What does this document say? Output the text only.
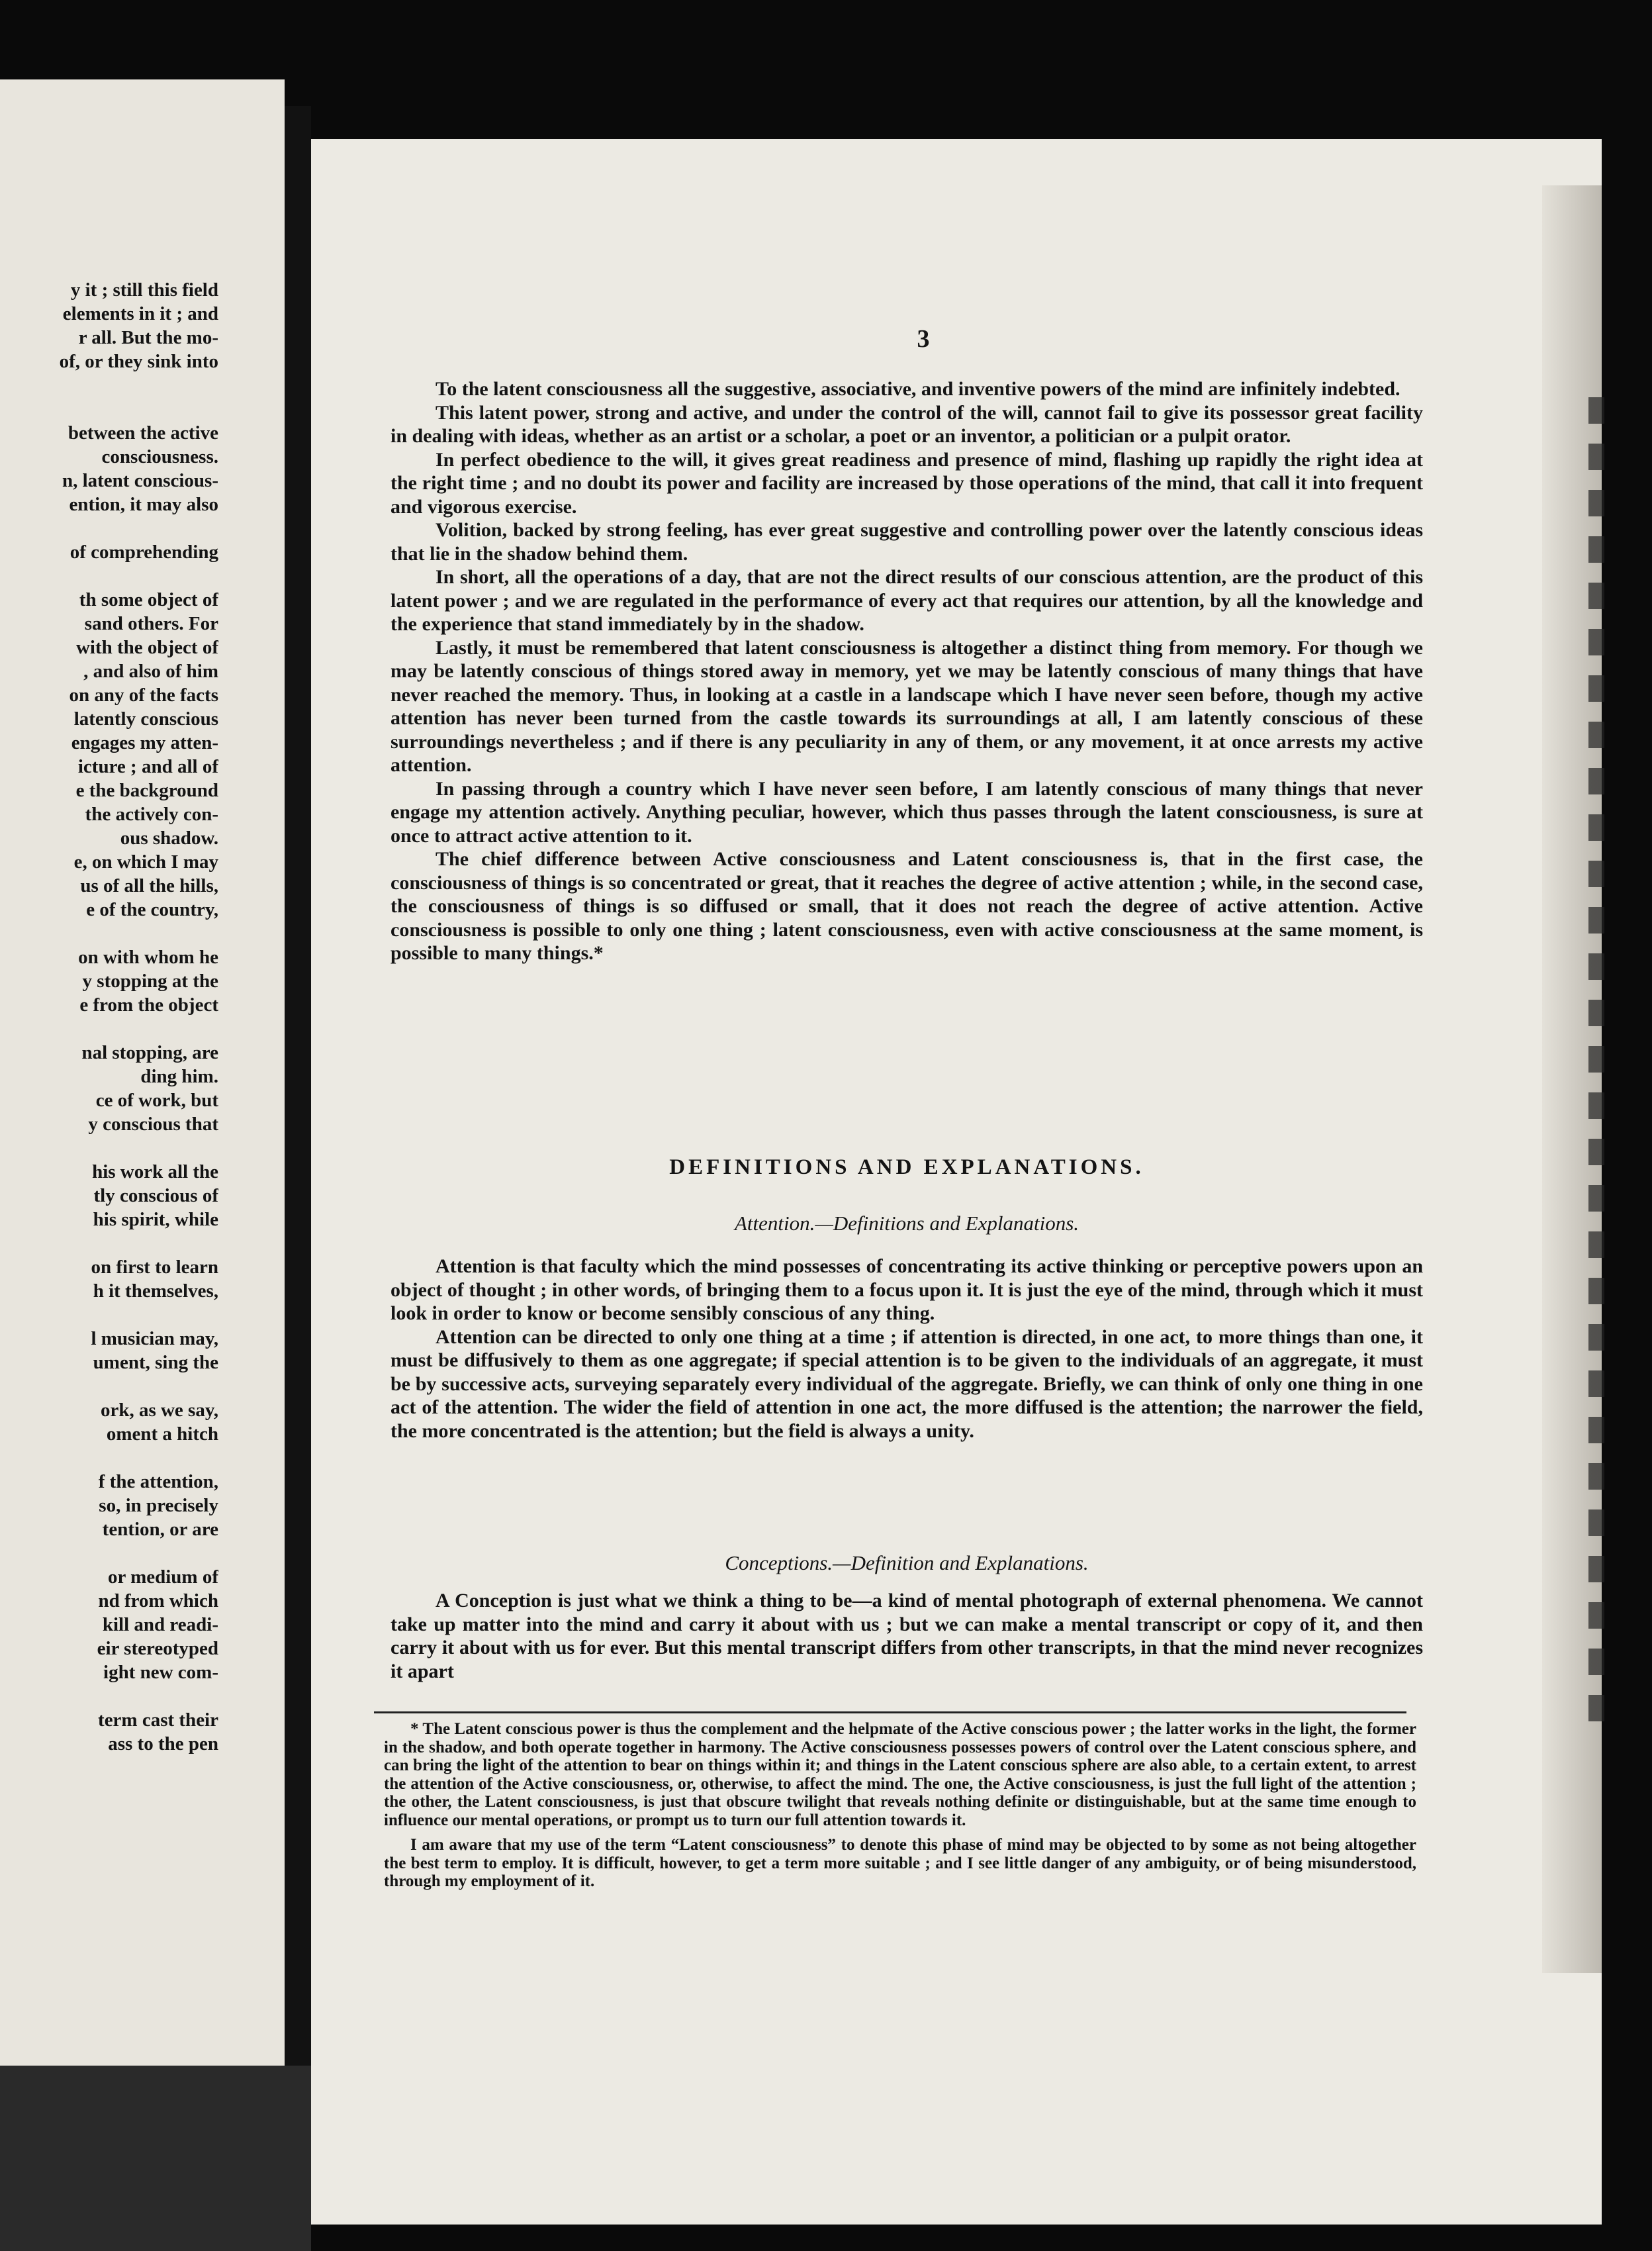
y it ; still this field
elements in it ; and
r all. But the mo-
of, or they sink into
between the active
consciousness.
n, latent conscious-
ention, it may also
of comprehending
th some object of
sand others. For
with the object of
, and also of him
on any of the facts
latently conscious
engages my atten-
icture ; and all of
e the background
the actively con-
ous shadow.
e, on which I may
us of all the hills,
e of the country,
on with whom he
y stopping at the
e from the object
nal stopping, are
ding him.
ce of work, but
y conscious that
his work all the
tly conscious of
his spirit, while
on first to learn
h it themselves,
l musician may,
ument, sing the
ork, as we say,
oment a hitch
f the attention,
so, in precisely
tention, or are
or medium of
nd from which
kill and readi-
eir stereotyped
ight new com-
term cast their
ass to the pen
3

To the latent consciousness all the suggestive, associative, and inventive powers of the mind are infinitely indebted.

This latent power, strong and active, and under the control of the will, cannot fail to give its possessor great facility in dealing with ideas, whether as an artist or a scholar, a poet or an inventor, a politician or a pulpit orator.

In perfect obedience to the will, it gives great readiness and presence of mind, flashing up rapidly the right idea at the right time ; and no doubt its power and facility are increased by those operations of the mind, that call it into frequent and vigorous exercise.

Volition, backed by strong feeling, has ever great suggestive and controlling power over the latently conscious ideas that lie in the shadow behind them.

In short, all the operations of a day, that are not the direct results of our conscious attention, are the product of this latent power ; and we are regulated in the performance of every act that requires our attention, by all the knowledge and the experience that stand immediately by in the shadow.

Lastly, it must be remembered that latent consciousness is altogether a distinct thing from memory. For though we may be latently conscious of things stored away in memory, yet we may be latently conscious of many things that have never reached the memory. Thus, in looking at a castle in a landscape which I have never seen before, though my active attention has never been turned from the castle towards its surroundings at all, I am latently conscious of these surroundings nevertheless ; and if there is any peculiarity in any of them, or any movement, it at once arrests my active attention.

In passing through a country which I have never seen before, I am latently conscious of many things that never engage my attention actively. Anything peculiar, however, which thus passes through the latent consciousness, is sure at once to attract active attention to it.

The chief difference between Active consciousness and Latent consciousness is, that in the first case, the consciousness of things is so concentrated or great, that it reaches the degree of active attention ; while, in the second case, the consciousness of things is so diffused or small, that it does not reach the degree of active attention. Active consciousness is possible to only one thing ; latent consciousness, even with active consciousness at the same moment, is possible to many things.*

DEFINITIONS AND EXPLANATIONS.
Attention.—Definitions and Explanations.

Attention is that faculty which the mind possesses of concentrating its active thinking or perceptive powers upon an object of thought ; in other words, of bringing them to a focus upon it. It is just the eye of the mind, through which it must look in order to know or become sensibly conscious of any thing.

Attention can be directed to only one thing at a time ; if attention is directed, in one act, to more things than one, it must be diffusively to them as one aggregate; if special attention is to be given to the individuals of an aggregate, it must be by successive acts, surveying separately every individual of the aggregate. Briefly, we can think of only one thing in one act of the attention. The wider the field of attention in one act, the more diffused is the attention; the narrower the field, the more concentrated is the attention; but the field is always a unity.

Conceptions.—Definition and Explanations.

A Conception is just what we think a thing to be—a kind of mental photograph of external phenomena. We cannot take up matter into the mind and carry it about with us ; but we can make a mental transcript or copy of it, and then carry it about with us for ever. But this mental transcript differs from other transcripts, in that the mind never recognizes it apart

* The Latent conscious power is thus the complement and the helpmate of the Active conscious power ; the latter works in the light, the former in the shadow, and both operate together in harmony. The Active consciousness possesses powers of control over the Latent conscious sphere, and can bring the light of the attention to bear on things within it; and things in the Latent conscious sphere are also able, to a certain extent, to arrest the attention of the Active consciousness, or, otherwise, to affect the mind. The one, the Active consciousness, is just the full light of the attention ; the other, the Latent consciousness, is just that obscure twilight that reveals nothing definite or distinguishable, but at the same time enough to influence our mental operations, or prompt us to turn our full attention towards it.

I am aware that my use of the term “Latent consciousness” to denote this phase of mind may be objected to by some as not being altogether the best term to employ. It is difficult, however, to get a term more suitable ; and I see little danger of any ambiguity, or of being misunderstood, through my employment of it.
